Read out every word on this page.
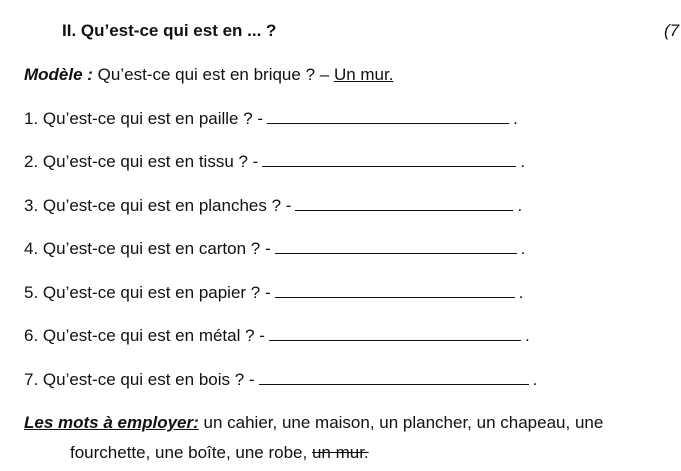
II. Qu’est-ce qui est en ... ?	(7
Modèle : Qu’est-ce qui est en brique ? – Un mur.
1. Qu’est-ce qui est en paille ? -	.
2. Qu’est-ce qui est en tissu ? -	.
3. Qu’est-ce qui est en planches ? -	.
4. Qu’est-ce qui est en carton ? -	.
5. Qu’est-ce qui est en papier ? -	.
6. Qu’est-ce qui est en métal ? -	.
7. Qu’est-ce qui est en bois ? -	.
Les mots à employer: un cahier, une maison, un plancher, un chapeau, une
fourchette, une boîte, une robe, un mur.
